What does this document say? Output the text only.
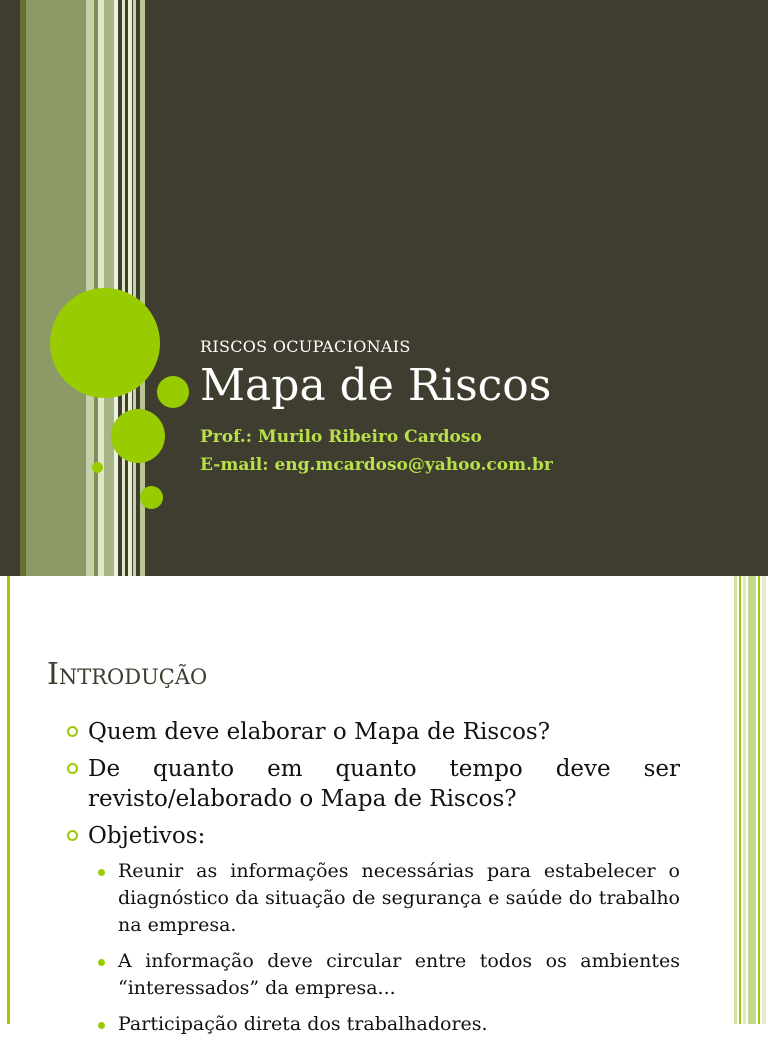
RISCOS OCUPACIONAIS
Mapa de Riscos
Prof.: Murilo Ribeiro Cardoso
E-mail: eng.mcardoso@yahoo.com.br
Introdução
Quem deve elaborar o Mapa de Riscos?
De quanto em quanto tempo deve ser revisto/elaborado o Mapa de Riscos?
Objetivos:
Reunir as informações necessárias para estabelecer o diagnóstico da situação de segurança e saúde do trabalho na empresa.
A informação deve circular entre todos os ambientes “interessados” da empresa...
Participação direta dos trabalhadores.
